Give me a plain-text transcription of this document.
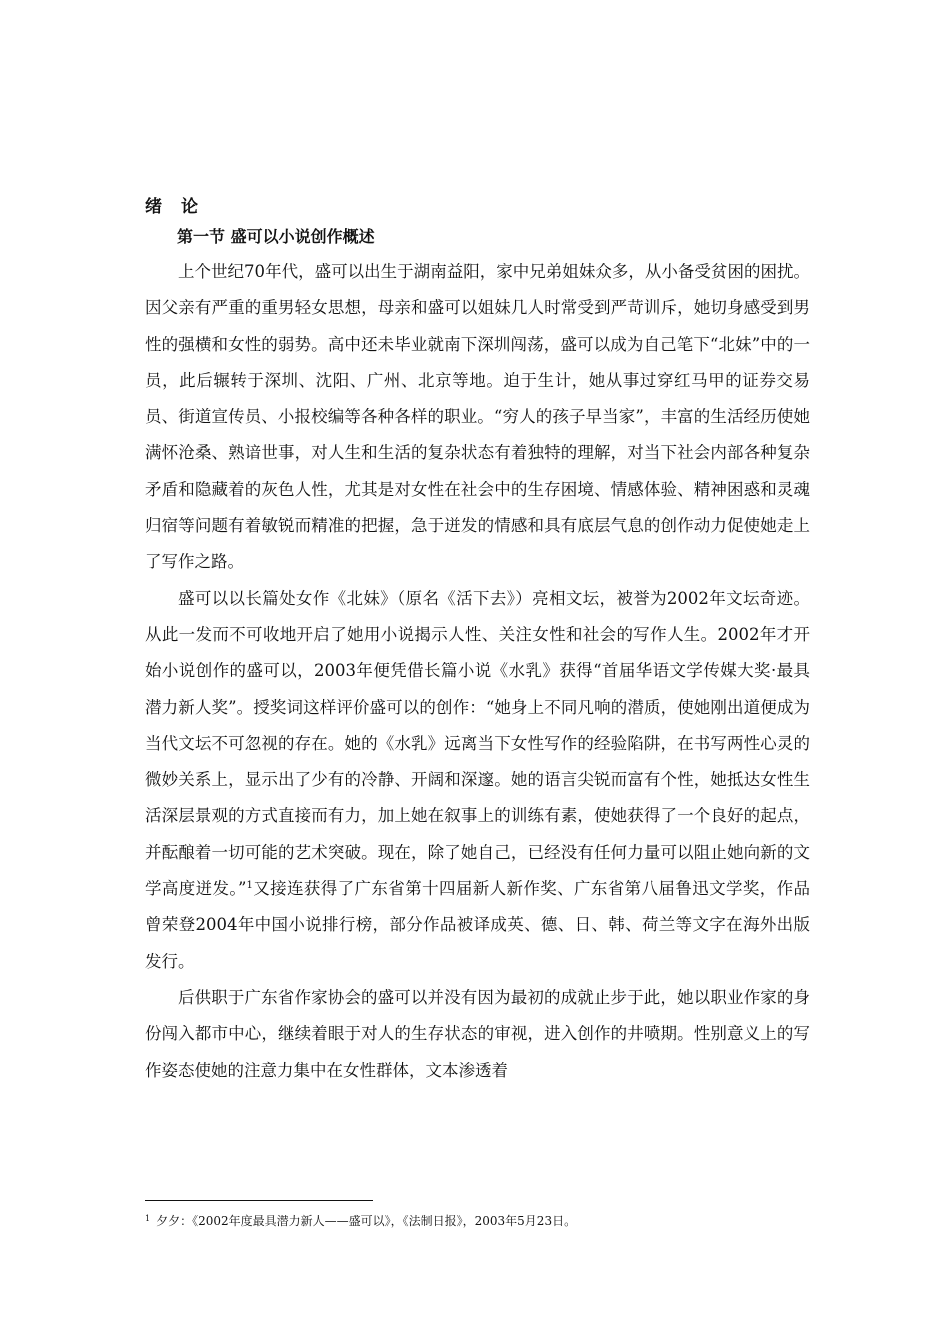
绪 论
第一节 盛可以小说创作概述

上个世纪70年代，盛可以出生于湖南益阳，家中兄弟姐妹众多，从小备受贫困的困扰。因父亲有严重的重男轻女思想，母亲和盛可以姐妹几人时常受到严苛训斥，她切身感受到男性的强横和女性的弱势。高中还未毕业就南下深圳闯荡，盛可以成为自己笔下“北妹”中的一员，此后辗转于深圳、沈阳、广州、北京等地。迫于生计，她从事过穿红马甲的证券交易员、街道宣传员、小报校编等各种各样的职业。“穷人的孩子早当家”，丰富的生活经历使她满怀沧桑、熟谙世事，对人生和生活的复杂状态有着独特的理解，对当下社会内部各种复杂矛盾和隐藏着的灰色人性，尤其是对女性在社会中的生存困境、情感体验、精神困惑和灵魂归宿等问题有着敏锐而精准的把握，急于迸发的情感和具有底层气息的创作动力促使她走上了写作之路。

盛可以以长篇处女作《北妹》（原名《活下去》）亮相文坛，被誉为2002年文坛奇迹。从此一发而不可收地开启了她用小说揭示人性、关注女性和社会的写作人生。2002年才开始小说创作的盛可以，2003年便凭借长篇小说《水乳》获得“首届华语文学传媒大奖·最具潜力新人奖”。授奖词这样评价盛可以的创作：“她身上不同凡响的潜质，使她刚出道便成为当代文坛不可忽视的存在。她的《水乳》远离当下女性写作的经验陷阱，在书写两性心灵的微妙关系上，显示出了少有的冷静、开阔和深邃。她的语言尖锐而富有个性，她抵达女性生活深层景观的方式直接而有力，加上她在叙事上的训练有素，使她获得了一个良好的起点，并酝酿着一切可能的艺术突破。现在，除了她自己，已经没有任何力量可以阻止她向新的文学高度迸发。”$^1$又接连获得了广东省第十四届新人新作奖、广东省第八届鲁迅文学奖，作品曾荣登2004年中国小说排行榜，部分作品被译成英、德、日、韩、荷兰等文字在海外出版发行。

后供职于广东省作家协会的盛可以并没有因为最初的成就止步于此，她以职业作家的身份闯入都市中心，继续着眼于对人的生存状态的审视，进入创作的井喷期。性别意义上的写作姿态使她的注意力集中在女性群体，文本渗透着

$^1$ 夕夕：《2002年度最具潜力新人——盛可以》，《法制日报》，2003年5月23日。
